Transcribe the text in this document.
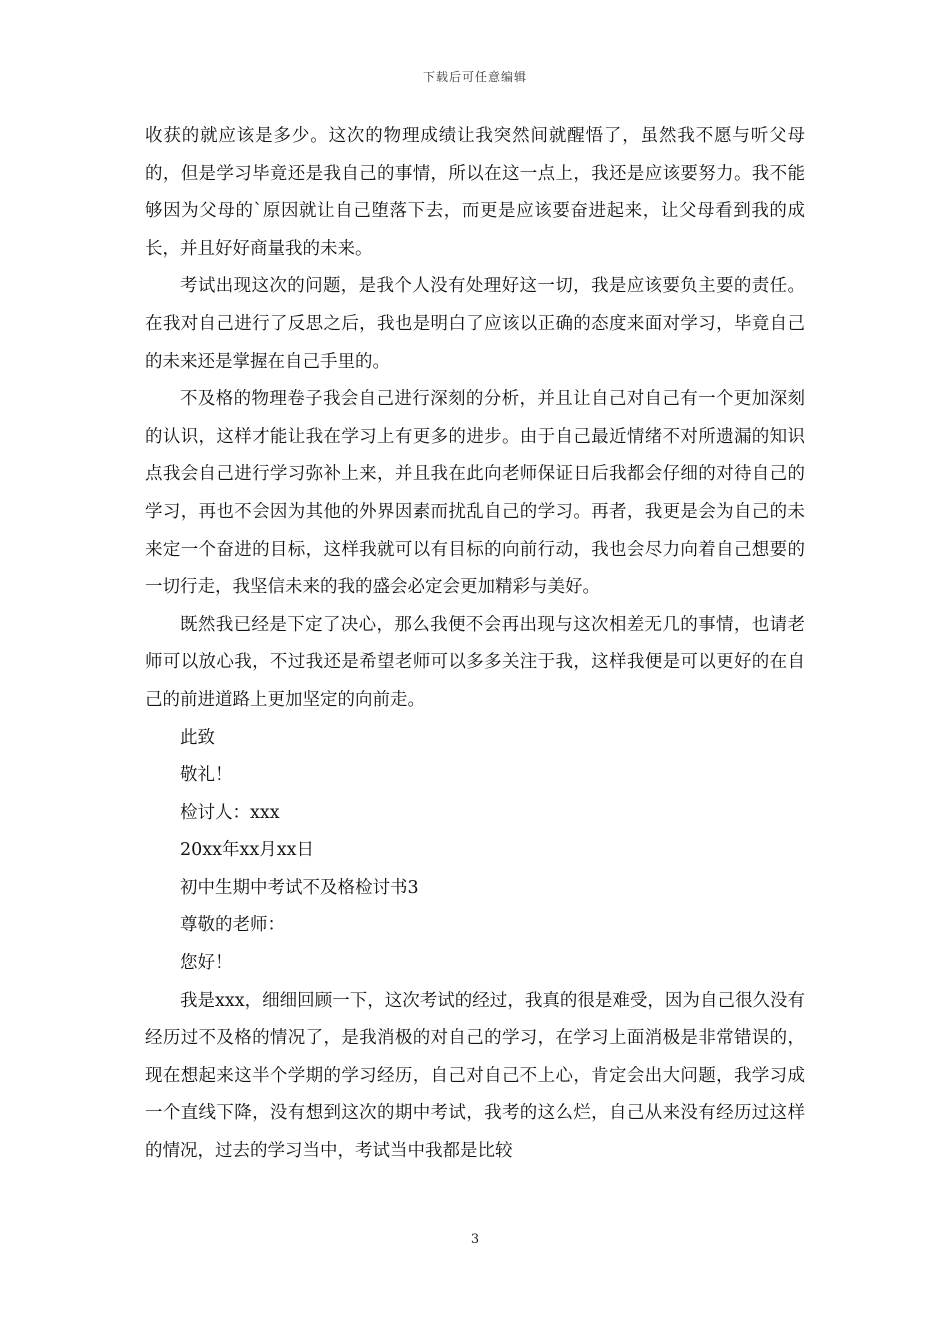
下载后可任意编辑

收获的就应该是多少。这次的物理成绩让我突然间就醒悟了，虽然我不愿与听父母的，但是学习毕竟还是我自己的事情，所以在这一点上，我还是应该要努力。我不能够因为父母的`原因就让自己堕落下去，而更是应该要奋进起来，让父母看到我的成长，并且好好商量我的未来。

考试出现这次的问题，是我个人没有处理好这一切，我是应该要负主要的责任。在我对自己进行了反思之后，我也是明白了应该以正确的态度来面对学习，毕竟自己的未来还是掌握在自己手里的。

不及格的物理卷子我会自己进行深刻的分析，并且让自己对自己有一个更加深刻的认识，这样才能让我在学习上有更多的进步。由于自己最近情绪不对所遗漏的知识点我会自己进行学习弥补上来，并且我在此向老师保证日后我都会仔细的对待自己的学习，再也不会因为其他的外界因素而扰乱自己的学习。再者，我更是会为自己的未来定一个奋进的目标，这样我就可以有目标的向前行动，我也会尽力向着自己想要的一切行走，我坚信未来的我的盛会必定会更加精彩与美好。

既然我已经是下定了决心，那么我便不会再出现与这次相差无几的事情，也请老师可以放心我，不过我还是希望老师可以多多关注于我，这样我便是可以更好的在自己的前进道路上更加坚定的向前走。

此致

敬礼！

检讨人：xxx

20xx年xx月xx日

初中生期中考试不及格检讨书3

尊敬的老师：

您好！

我是xxx，细细回顾一下，这次考试的经过，我真的很是难受，因为自己很久没有经历过不及格的情况了，是我消极的对自己的学习，在学习上面消极是非常错误的，现在想起来这半个学期的学习经历，自己对自己不上心，肯定会出大问题，我学习成一个直线下降，没有想到这次的期中考试，我考的这么烂，自己从来没有经历过这样的情况，过去的学习当中，考试当中我都是比较

3
